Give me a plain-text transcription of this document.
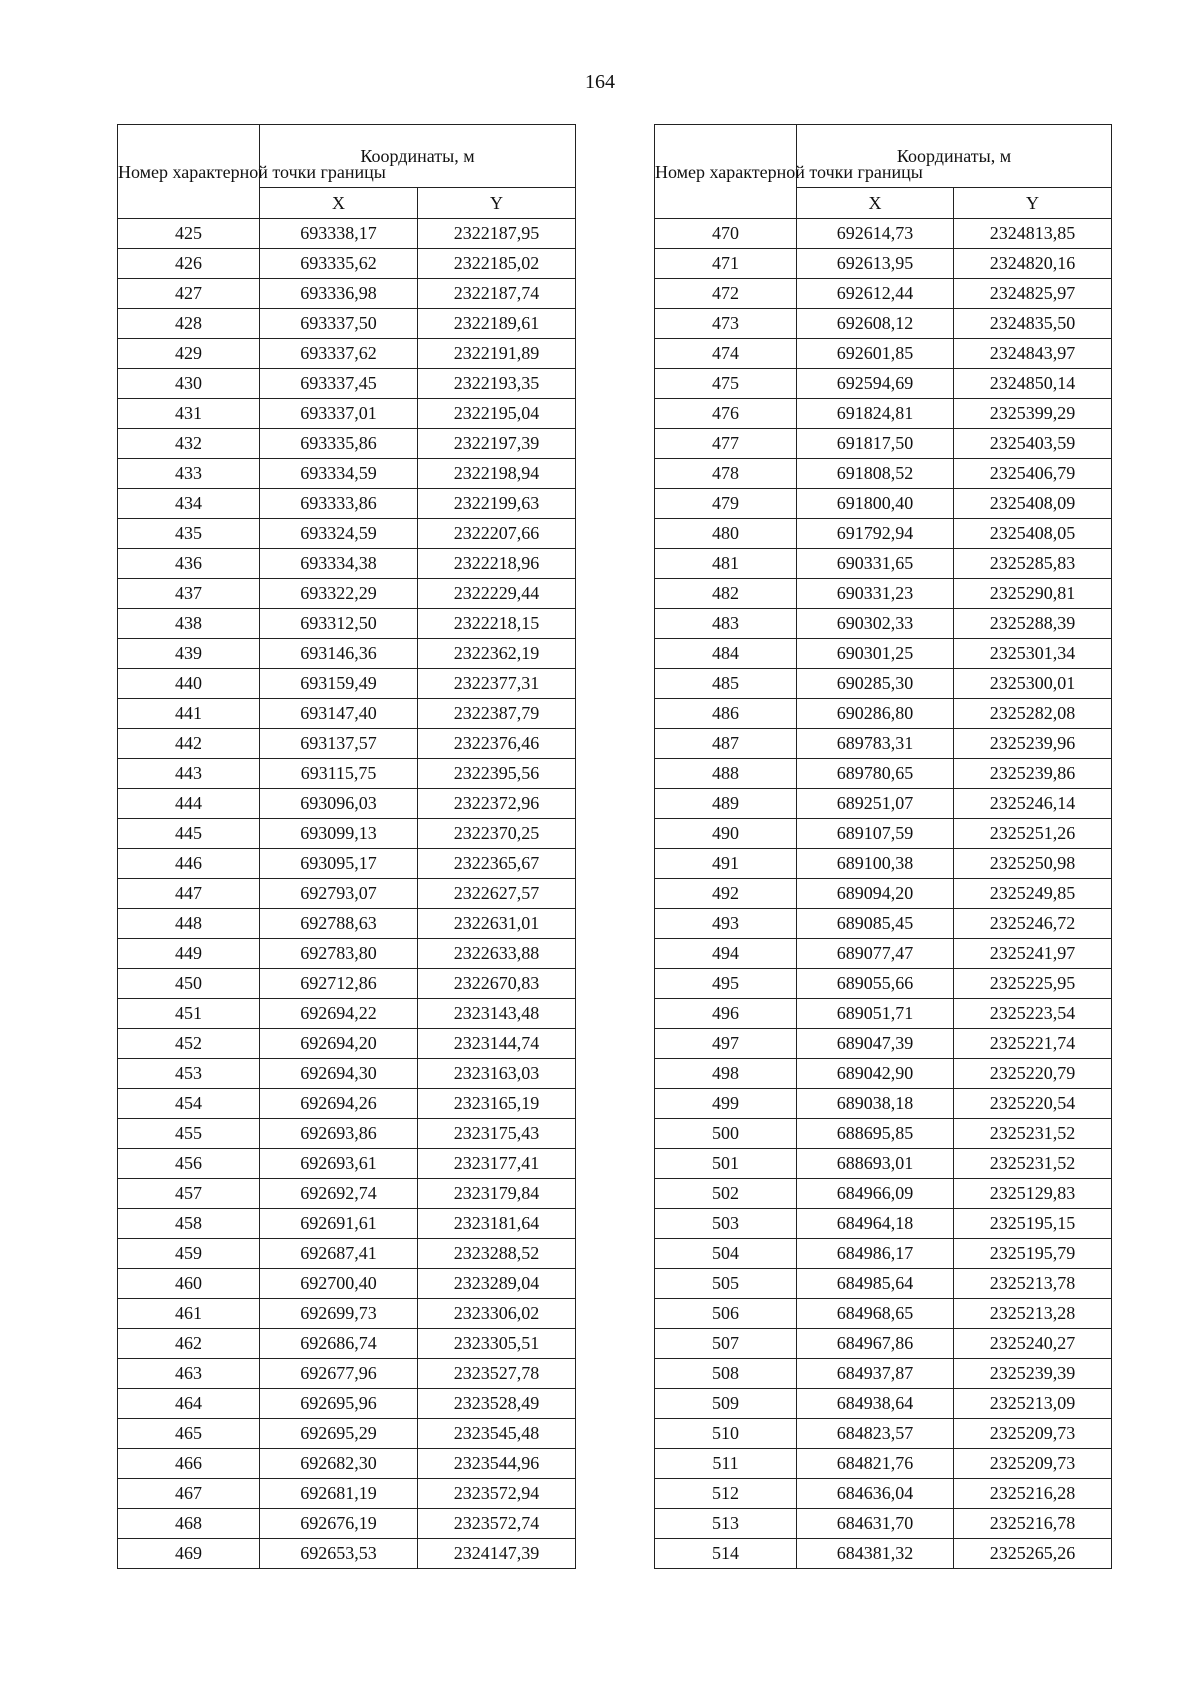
164
Номер характерной точки границы	Координаты, м	
	X	Y
425	693338,17	2322187,95
426	693335,62	2322185,02
427	693336,98	2322187,74
428	693337,50	2322189,61
429	693337,62	2322191,89
430	693337,45	2322193,35
431	693337,01	2322195,04
432	693335,86	2322197,39
433	693334,59	2322198,94
434	693333,86	2322199,63
435	693324,59	2322207,66
436	693334,38	2322218,96
437	693322,29	2322229,44
438	693312,50	2322218,15
439	693146,36	2322362,19
440	693159,49	2322377,31
441	693147,40	2322387,79
442	693137,57	2322376,46
443	693115,75	2322395,56
444	693096,03	2322372,96
445	693099,13	2322370,25
446	693095,17	2322365,67
447	692793,07	2322627,57
448	692788,63	2322631,01
449	692783,80	2322633,88
450	692712,86	2322670,83
451	692694,22	2323143,48
452	692694,20	2323144,74
453	692694,30	2323163,03
454	692694,26	2323165,19
455	692693,86	2323175,43
456	692693,61	2323177,41
457	692692,74	2323179,84
458	692691,61	2323181,64
459	692687,41	2323288,52
460	692700,40	2323289,04
461	692699,73	2323306,02
462	692686,74	2323305,51
463	692677,96	2323527,78
464	692695,96	2323528,49
465	692695,29	2323545,48
466	692682,30	2323544,96
467	692681,19	2323572,94
468	692676,19	2323572,74
469	692653,53	2324147,39
Номер характерной точки границы	Координаты, м	
	X	Y
470	692614,73	2324813,85
471	692613,95	2324820,16
472	692612,44	2324825,97
473	692608,12	2324835,50
474	692601,85	2324843,97
475	692594,69	2324850,14
476	691824,81	2325399,29
477	691817,50	2325403,59
478	691808,52	2325406,79
479	691800,40	2325408,09
480	691792,94	2325408,05
481	690331,65	2325285,83
482	690331,23	2325290,81
483	690302,33	2325288,39
484	690301,25	2325301,34
485	690285,30	2325300,01
486	690286,80	2325282,08
487	689783,31	2325239,96
488	689780,65	2325239,86
489	689251,07	2325246,14
490	689107,59	2325251,26
491	689100,38	2325250,98
492	689094,20	2325249,85
493	689085,45	2325246,72
494	689077,47	2325241,97
495	689055,66	2325225,95
496	689051,71	2325223,54
497	689047,39	2325221,74
498	689042,90	2325220,79
499	689038,18	2325220,54
500	688695,85	2325231,52
501	688693,01	2325231,52
502	684966,09	2325129,83
503	684964,18	2325195,15
504	684986,17	2325195,79
505	684985,64	2325213,78
506	684968,65	2325213,28
507	684967,86	2325240,27
508	684937,87	2325239,39
509	684938,64	2325213,09
510	684823,57	2325209,73
511	684821,76	2325209,73
512	684636,04	2325216,28
513	684631,70	2325216,78
514	684381,32	2325265,26
